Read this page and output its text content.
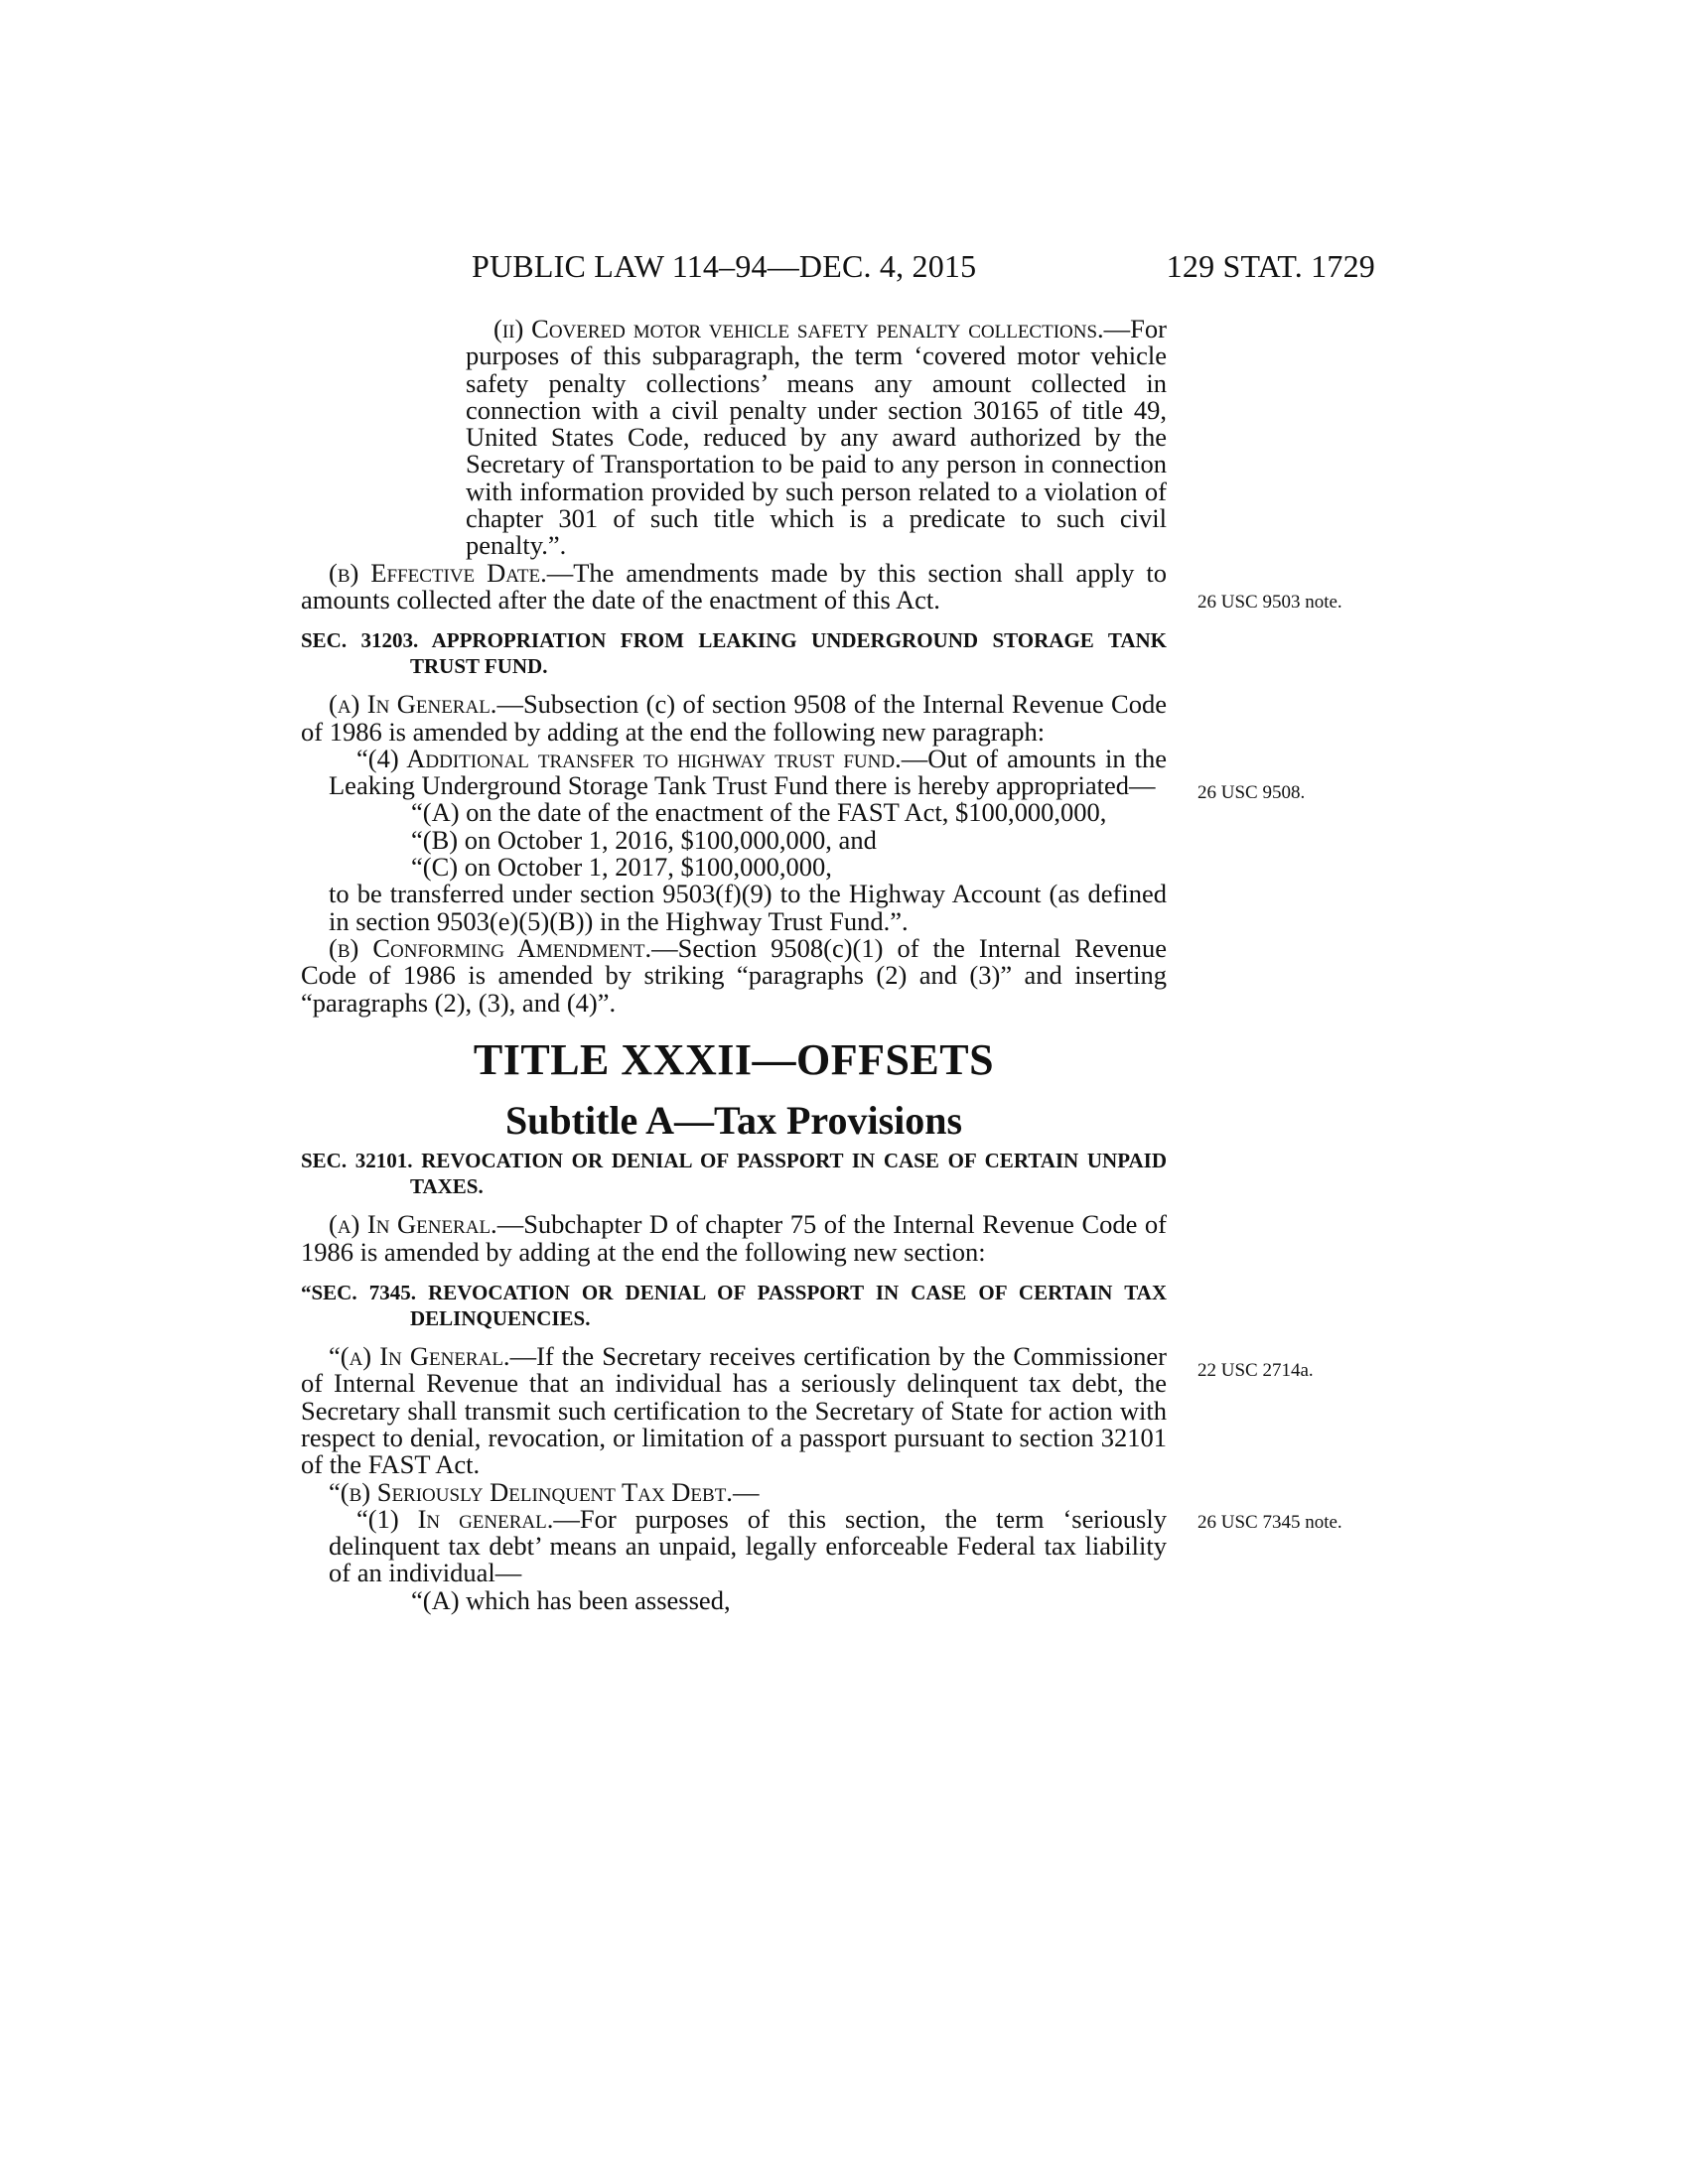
PUBLIC LAW 114–94—DEC. 4, 2015	129 STAT. 1729

(ii) Covered motor vehicle safety penalty collections.—For purposes of this subparagraph, the term ‘covered motor vehicle safety penalty collections’ means any amount collected in connection with a civil penalty under section 30165 of title 49, United States Code, reduced by any award authorized by the Secretary of Transportation to be paid to any person in connection with information provided by such person related to a violation of chapter 301 of such title which is a predicate to such civil penalty.”.

(b) Effective Date.—The amendments made by this section shall apply to amounts collected after the date of the enactment of this Act.

SEC. 31203. APPROPRIATION FROM LEAKING UNDERGROUND STORAGE TANK TRUST FUND.

(a) In General.—Subsection (c) of section 9508 of the Internal Revenue Code of 1986 is amended by adding at the end the following new paragraph:

“(4) Additional transfer to highway trust fund.—Out of amounts in the Leaking Underground Storage Tank Trust Fund there is hereby appropriated—

“(A) on the date of the enactment of the FAST Act, $100,000,000,

“(B) on October 1, 2016, $100,000,000, and

“(C) on October 1, 2017, $100,000,000,

to be transferred under section 9503(f)(9) to the Highway Account (as defined in section 9503(e)(5)(B)) in the Highway Trust Fund.”.

(b) Conforming Amendment.—Section 9508(c)(1) of the Internal Revenue Code of 1986 is amended by striking “paragraphs (2) and (3)” and inserting “paragraphs (2), (3), and (4)”.

TITLE XXXII—OFFSETS

Subtitle A—Tax Provisions

SEC. 32101. REVOCATION OR DENIAL OF PASSPORT IN CASE OF CERTAIN UNPAID TAXES.

(a) In General.—Subchapter D of chapter 75 of the Internal Revenue Code of 1986 is amended by adding at the end the following new section:

“SEC. 7345. REVOCATION OR DENIAL OF PASSPORT IN CASE OF CERTAIN TAX DELINQUENCIES.

“(a) In General.—If the Secretary receives certification by the Commissioner of Internal Revenue that an individual has a seriously delinquent tax debt, the Secretary shall transmit such certification to the Secretary of State for action with respect to denial, revocation, or limitation of a passport pursuant to section 32101 of the FAST Act.

“(b) Seriously Delinquent Tax Debt.—

“(1) In general.—For purposes of this section, the term ‘seriously delinquent tax debt’ means an unpaid, legally enforceable Federal tax liability of an individual—

“(A) which has been assessed,

26 USC 9503 note.
26 USC 9508.
22 USC 2714a.
26 USC 7345 note.
